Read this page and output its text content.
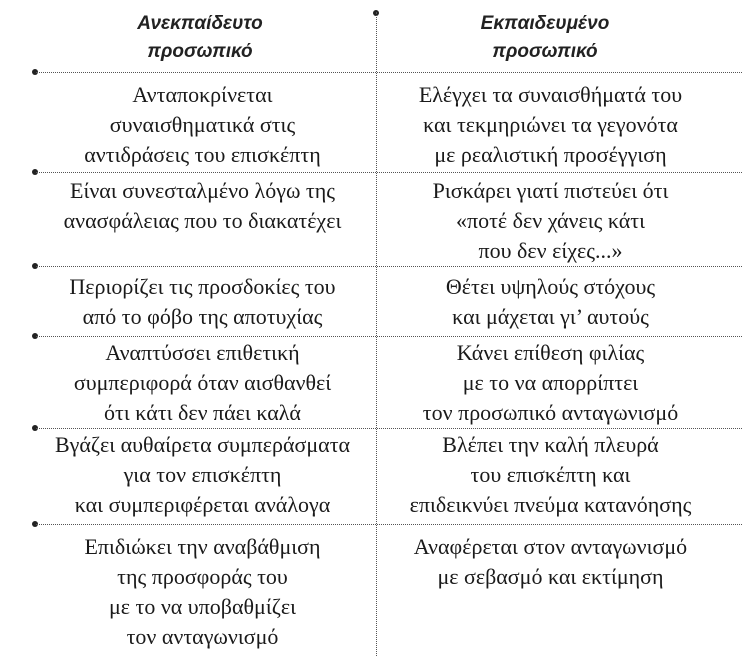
Ανεκπαίδευτο
προσωπικό
Εκπαιδευμένο
προσωπικό
Ανταποκρίνεται
συναισθηματικά στις
αντιδράσεις του επισκέπτη
Ελέγχει τα συναισθήματά του
και τεκμηριώνει τα γεγονότα
με ρεαλιστική προσέγγιση
Είναι συνεσταλμένο λόγω της
ανασφάλειας που το διακατέχει
Ρισκάρει γιατί πιστεύει ότι
«ποτέ δεν χάνεις κάτι
που δεν είχες...»
Περιορίζει τις προσδοκίες του
από το φόβο της αποτυχίας
Θέτει υψηλούς στόχους
και μάχεται γι’ αυτούς
Αναπτύσσει επιθετική
συμπεριφορά όταν αισθανθεί
ότι κάτι δεν πάει καλά
Κάνει επίθεση φιλίας
με το να απορρίπτει
τον προσωπικό ανταγωνισμό
Βγάζει αυθαίρετα συμπεράσματα
για τον επισκέπτη
και συμπεριφέρεται ανάλογα
Βλέπει την καλή πλευρά
του επισκέπτη και
επιδεικνύει πνεύμα κατανόησης
Επιδιώκει την αναβάθμιση
της προσφοράς του
με το να υποβαθμίζει
τον ανταγωνισμό
Αναφέρεται στον ανταγωνισμό
με σεβασμό και εκτίμηση
